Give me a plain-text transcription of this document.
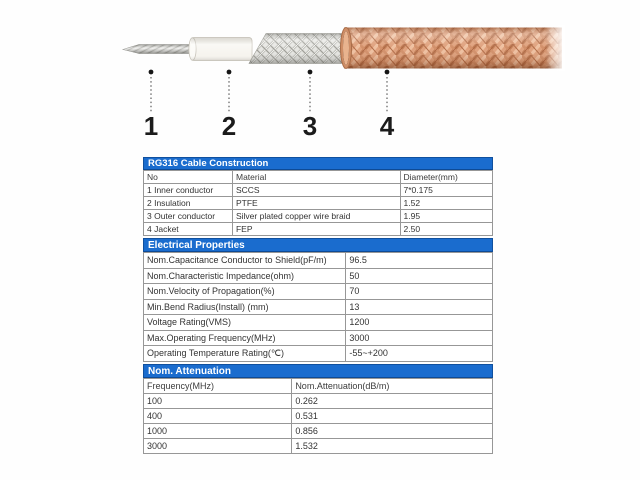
1 2	3 4
RG316 Cable Construction
No	Material	Diameter(mm)
1 Inner conductor	SCCS	7*0.175
2 Insulation	PTFE	1.52
3 Outer conductor	Silver plated copper wire braid	1.95
4 Jacket	FEP	2.50
Electrical Properties
Nom.Capacitance Conductor to Shield(pF/m)	96.5
Nom.Characteristic Impedance(ohm)	50
Nom.Velocity of Propagation(%)	70
Min.Bend Radius(Install) (mm)	13
Voltage Rating(VMS)	1200
Max.Operating Frequency(MHz)	3000
Operating Temperature Rating(℃)	-55~+200
Nom. Attenuation
Frequency(MHz)	Nom.Attenuation(dB/m)
100	0.262
400	0.531
1000	0.856
3000	1.532
